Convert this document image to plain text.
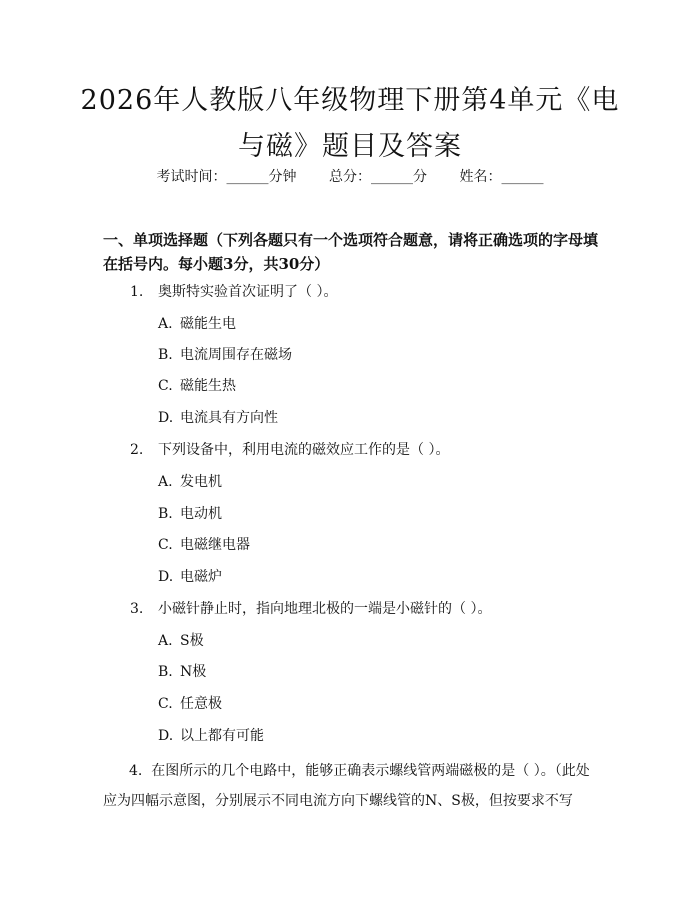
2026年人教版八年级物理下册第4单元《电与磁》题目及答案
考试时间：______分钟 总分：______分 姓名：______
一、单项选择题（下列各题只有一个选项符合题意，请将正确选项的字母填在括号内。每小题3分，共30分）
1. 奥斯特实验首次证明了（ ）。
A. 磁能生电
B. 电流周围存在磁场
C. 磁能生热
D. 电流具有方向性
2. 下列设备中，利用电流的磁效应工作的是（ ）。
A. 发电机
B. 电动机
C. 电磁继电器
D. 电磁炉
3. 小磁针静止时，指向地理北极的一端是小磁针的（ ）。
A. S极
B. N极
C. 任意极
D. 以上都有可能
4. 在图所示的几个电路中，能够正确表示螺线管两端磁极的是（ ）。（此处应为四幅示意图，分别展示不同电流方向下螺线管的N、S极，但按要求不写
